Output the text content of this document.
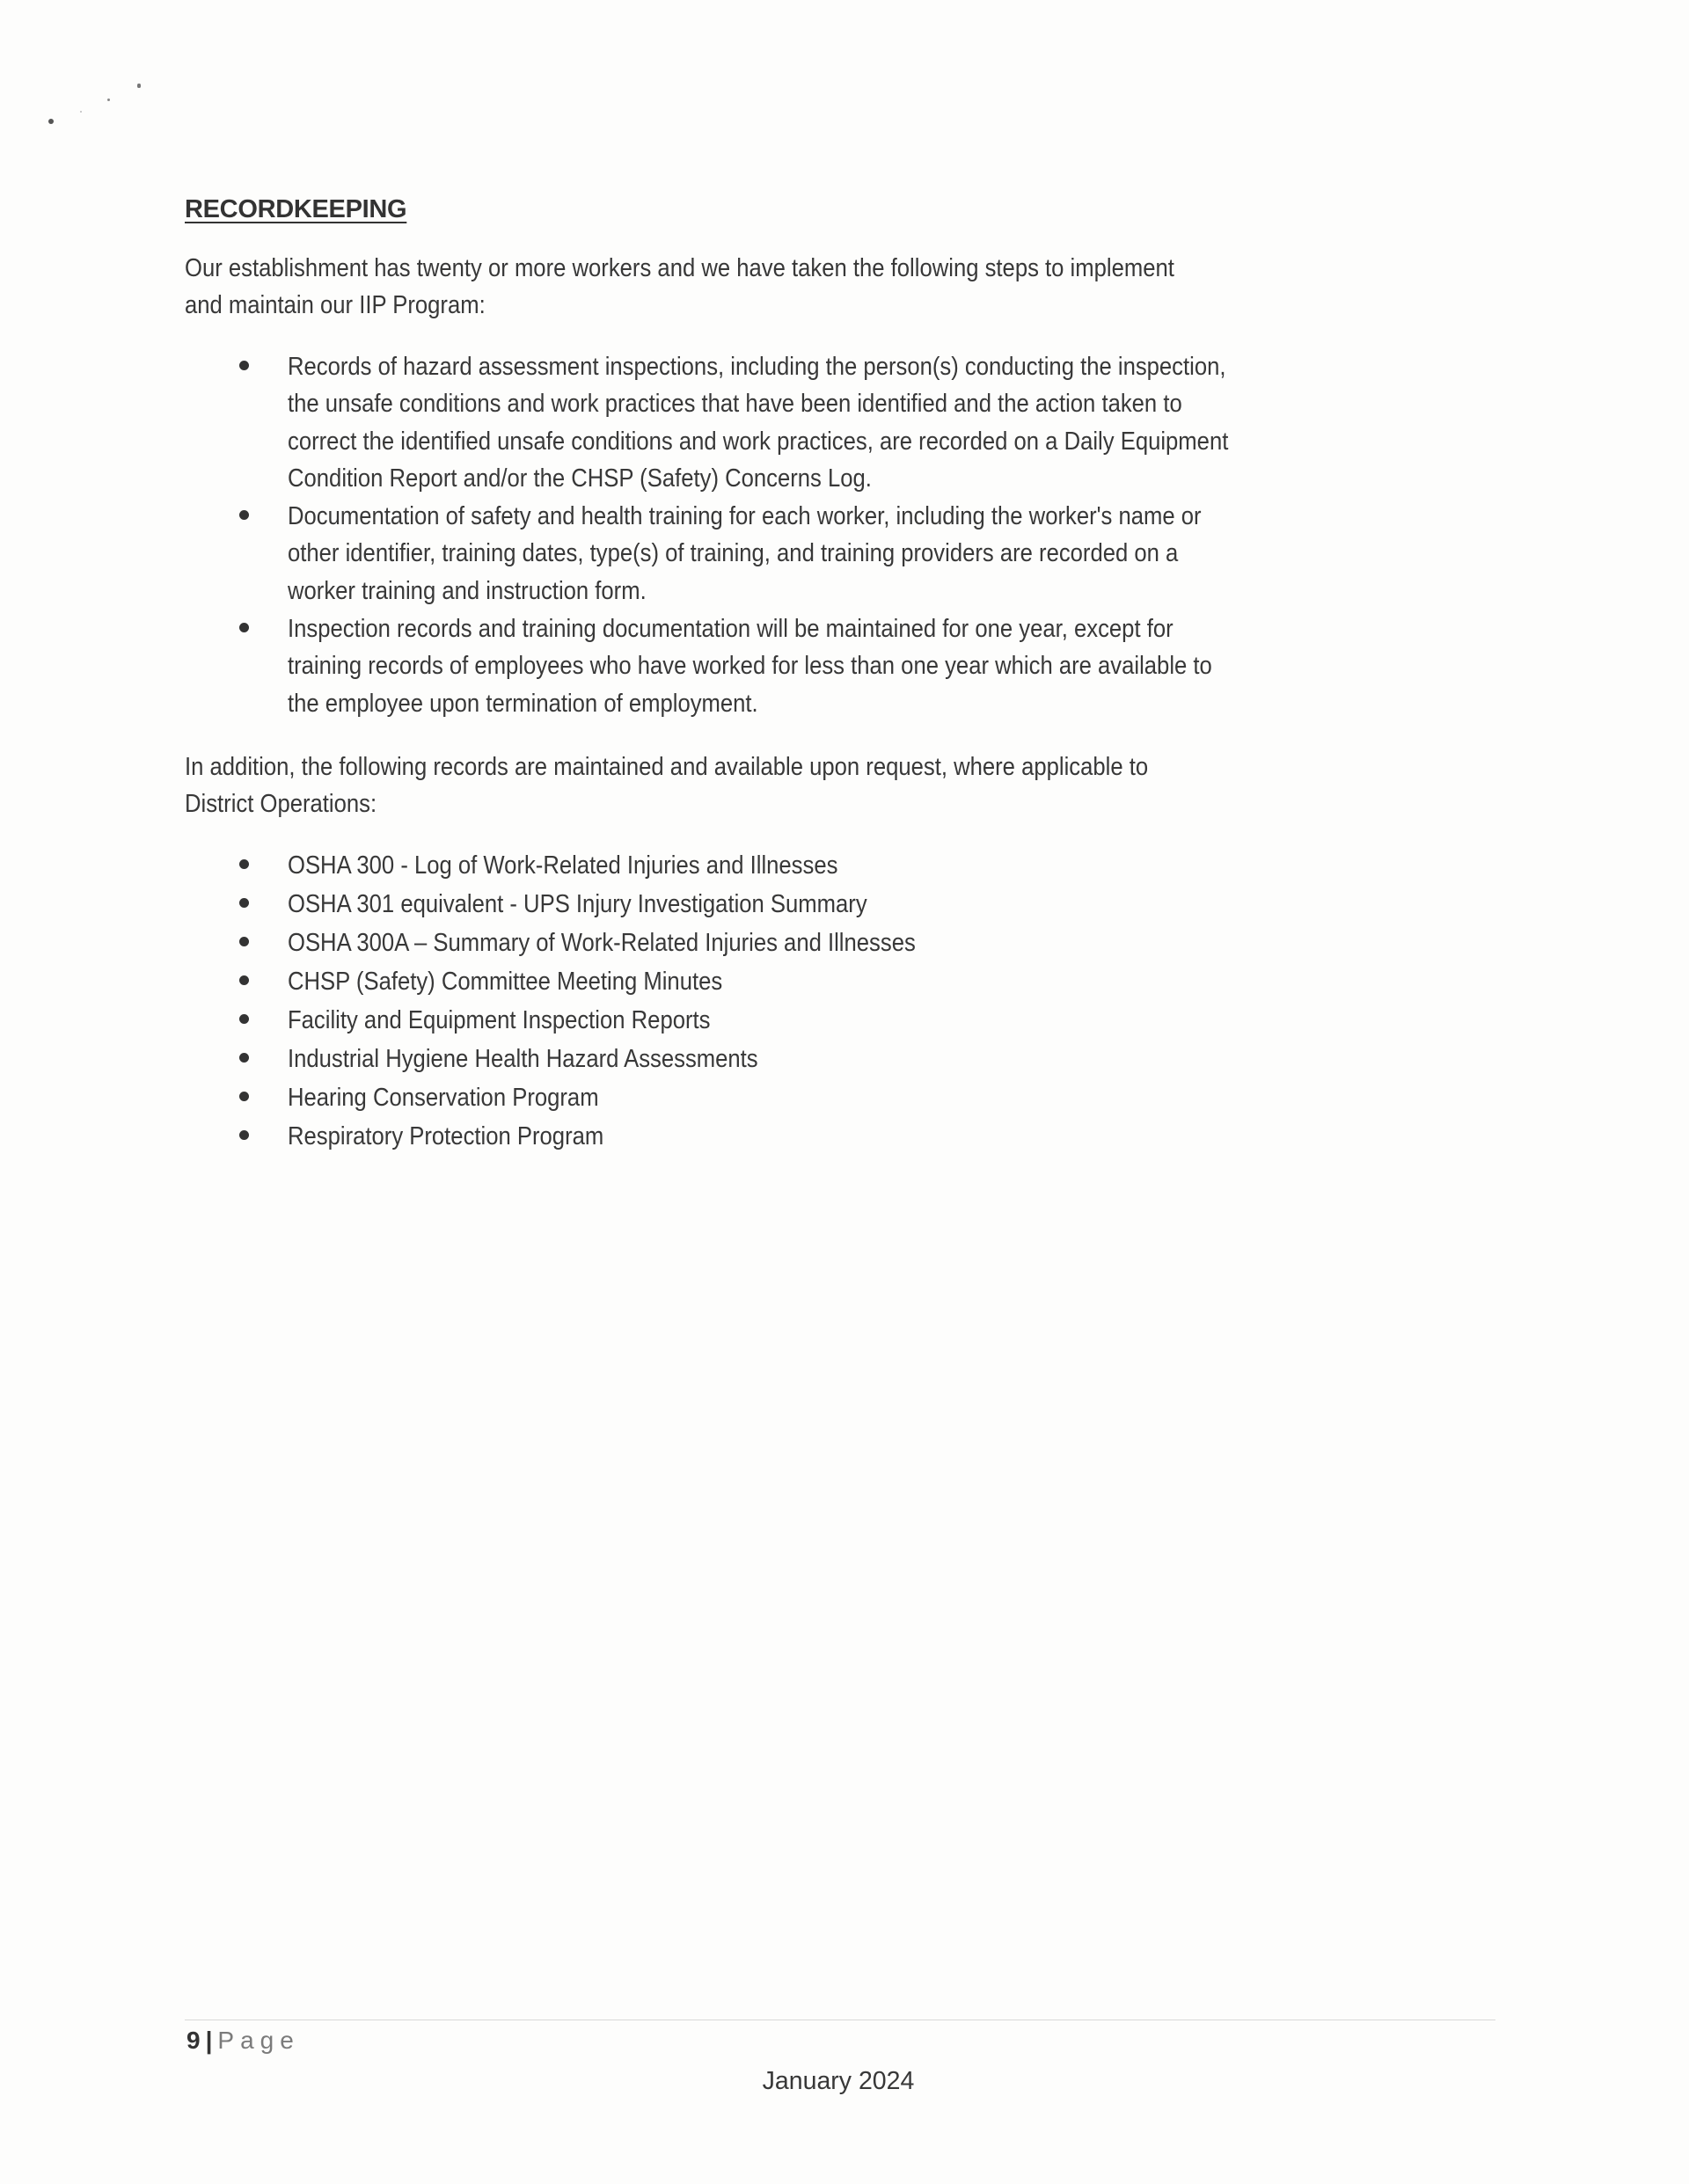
RECORDKEEPING
Our establishment has twenty or more workers and we have taken the following steps to implement
and maintain our IIP Program:
Records of hazard assessment inspections, including the person(s) conducting the inspection,
the unsafe conditions and work practices that have been identified and the action taken to
correct the identified unsafe conditions and work practices, are recorded on a Daily Equipment
Condition Report and/or the CHSP (Safety) Concerns Log.
Documentation of safety and health training for each worker, including the worker's name or
other identifier, training dates, type(s) of training, and training providers are recorded on a
worker training and instruction form.
Inspection records and training documentation will be maintained for one year, except for
training records of employees who have worked for less than one year which are available to
the employee upon termination of employment.
In addition, the following records are maintained and available upon request, where applicable to
District Operations:
OSHA 300 - Log of Work-Related Injuries and Illnesses
OSHA 301 equivalent - UPS Injury Investigation Summary
OSHA 300A – Summary of Work-Related Injuries and Illnesses
CHSP (Safety) Committee Meeting Minutes
Facility and Equipment Inspection Reports
Industrial Hygiene Health Hazard Assessments
Hearing Conservation Program
Respiratory Protection Program
9 | Page
January 2024
